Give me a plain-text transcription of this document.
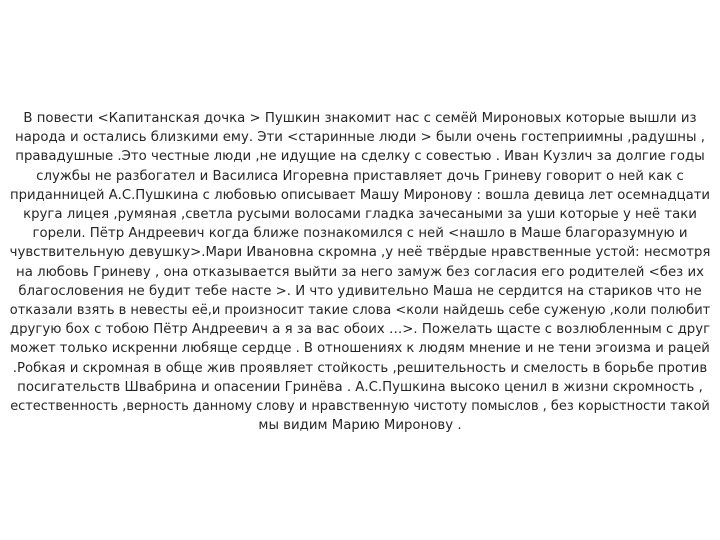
В повести <Капитанская дочка > Пушкин знакомит нас с семёй Мироновых которые вышли из
народа и остались близкими ему. Эти <старинные люди > были очень гостеприимны ,радушны ,
правадушные .Это честные люди ,не идущие на сделку с совестью . Иван Кузлич за долгие годы
службы не разбогател и Василиса Игоревна приставляет дочь Гриневу говорит о ней как с
приданницей А.С.Пушкина с любовью описывает Машу Миронову : вошла девица лет осемнадцати
круга лицея ,румяная ,светла русыми волосами гладка зачесаными за уши которые у неё таки
горели. Пётр Андреевич когда ближе познакомился с ней <нашло в Маше благоразумную и
чувствительную девушку>.Мари Ивановна скромна ,у неё твёрдые нравственные устой: несмотря
на любовь Гриневу , она отказывается выйти за него замуж без согласия его родителей <без их
благословения не будит тебе насте >. И что удивительно Маша не сердится на стариков что не
отказали взять в невесты её,и произносит такие слова <коли найдешь себе суженую ,коли полюбит
другую бох с тобою Пётр Андреевич а я за вас обоих …>. Пожелать щасте с возлюбленным с друг
может только искренни любяще сердце . В отношениях к людям мнение и не тени эгоизма и рацей
.Робкая и скромная в обще жив проявляет стойкость ,решительность и смелость в борьбе против
посигательств Швабрина и опасении Гринёва . А.С.Пушкина высоко ценил в жизни скромность ,
естественность ,верность данному слову и нравственную чистоту помыслов , без корыстности такой
мы видим Марию Миронову .
